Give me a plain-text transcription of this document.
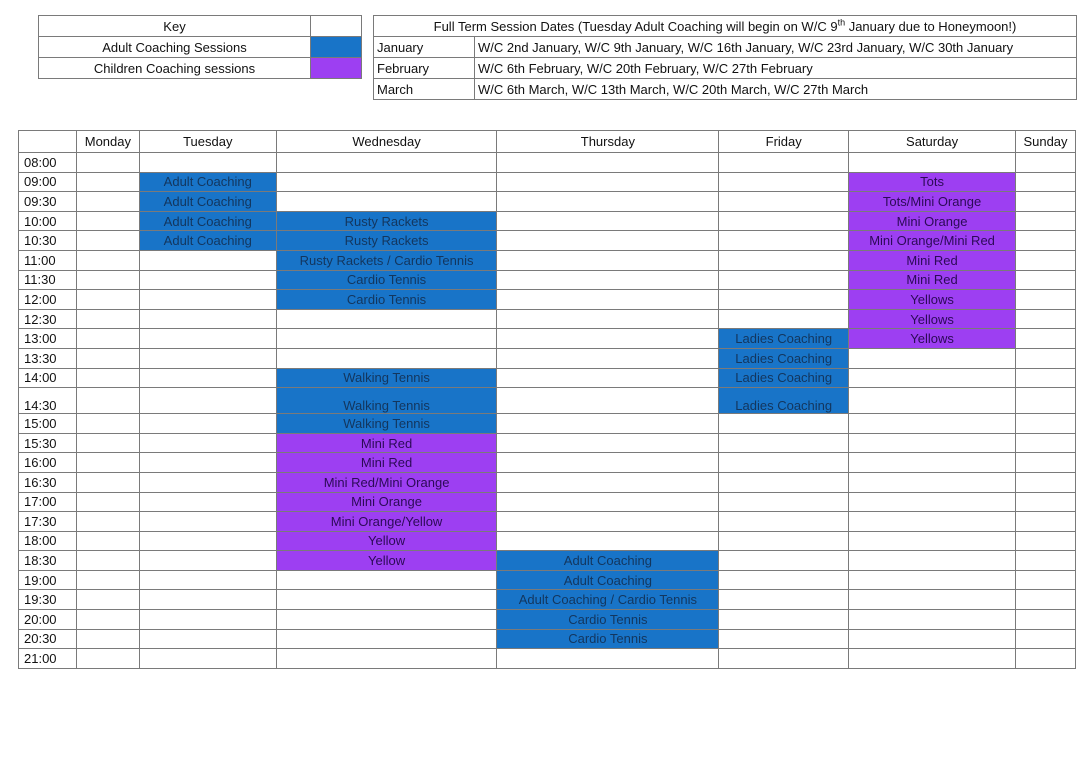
Key	
Adult Coaching Sessions	
Children Coaching sessions	
Full Term Session Dates (Tuesday Adult Coaching will begin on W/C 9th January due to Honeymoon!)	
January	W/C 2nd January, W/C 9th January, W/C 16th January, W/C 23rd January, W/C 30th January
February	W/C 6th February, W/C 20th February, W/C 27th February
March	W/C 6th March, W/C 13th March, W/C 20th March, W/C 27th March
	Monday	Tuesday	Wednesday	Thursday	Friday	Saturday	Sunday
08:00							
09:00		Adult Coaching				Tots	
09:30		Adult Coaching				Tots/Mini Orange	
10:00		Adult Coaching	Rusty Rackets			Mini Orange	
10:30		Adult Coaching	Rusty Rackets			Mini Orange/Mini Red	
11:00			Rusty Rackets / Cardio Tennis			Mini Red	
11:30			Cardio Tennis			Mini Red	
12:00			Cardio Tennis			Yellows	
12:30						Yellows	
13:00					Ladies Coaching	Yellows	
13:30					Ladies Coaching		
14:00			Walking Tennis		Ladies Coaching		
14:30			Walking Tennis		Ladies Coaching		
15:00			Walking Tennis				
15:30			Mini Red				
16:00			Mini Red				
16:30			Mini Red/Mini Orange				
17:00			Mini Orange				
17:30			Mini Orange/Yellow				
18:00			Yellow				
18:30			Yellow	Adult Coaching			
19:00				Adult Coaching			
19:30				Adult Coaching / Cardio Tennis			
20:00				Cardio Tennis			
20:30				Cardio Tennis			
21:00							
